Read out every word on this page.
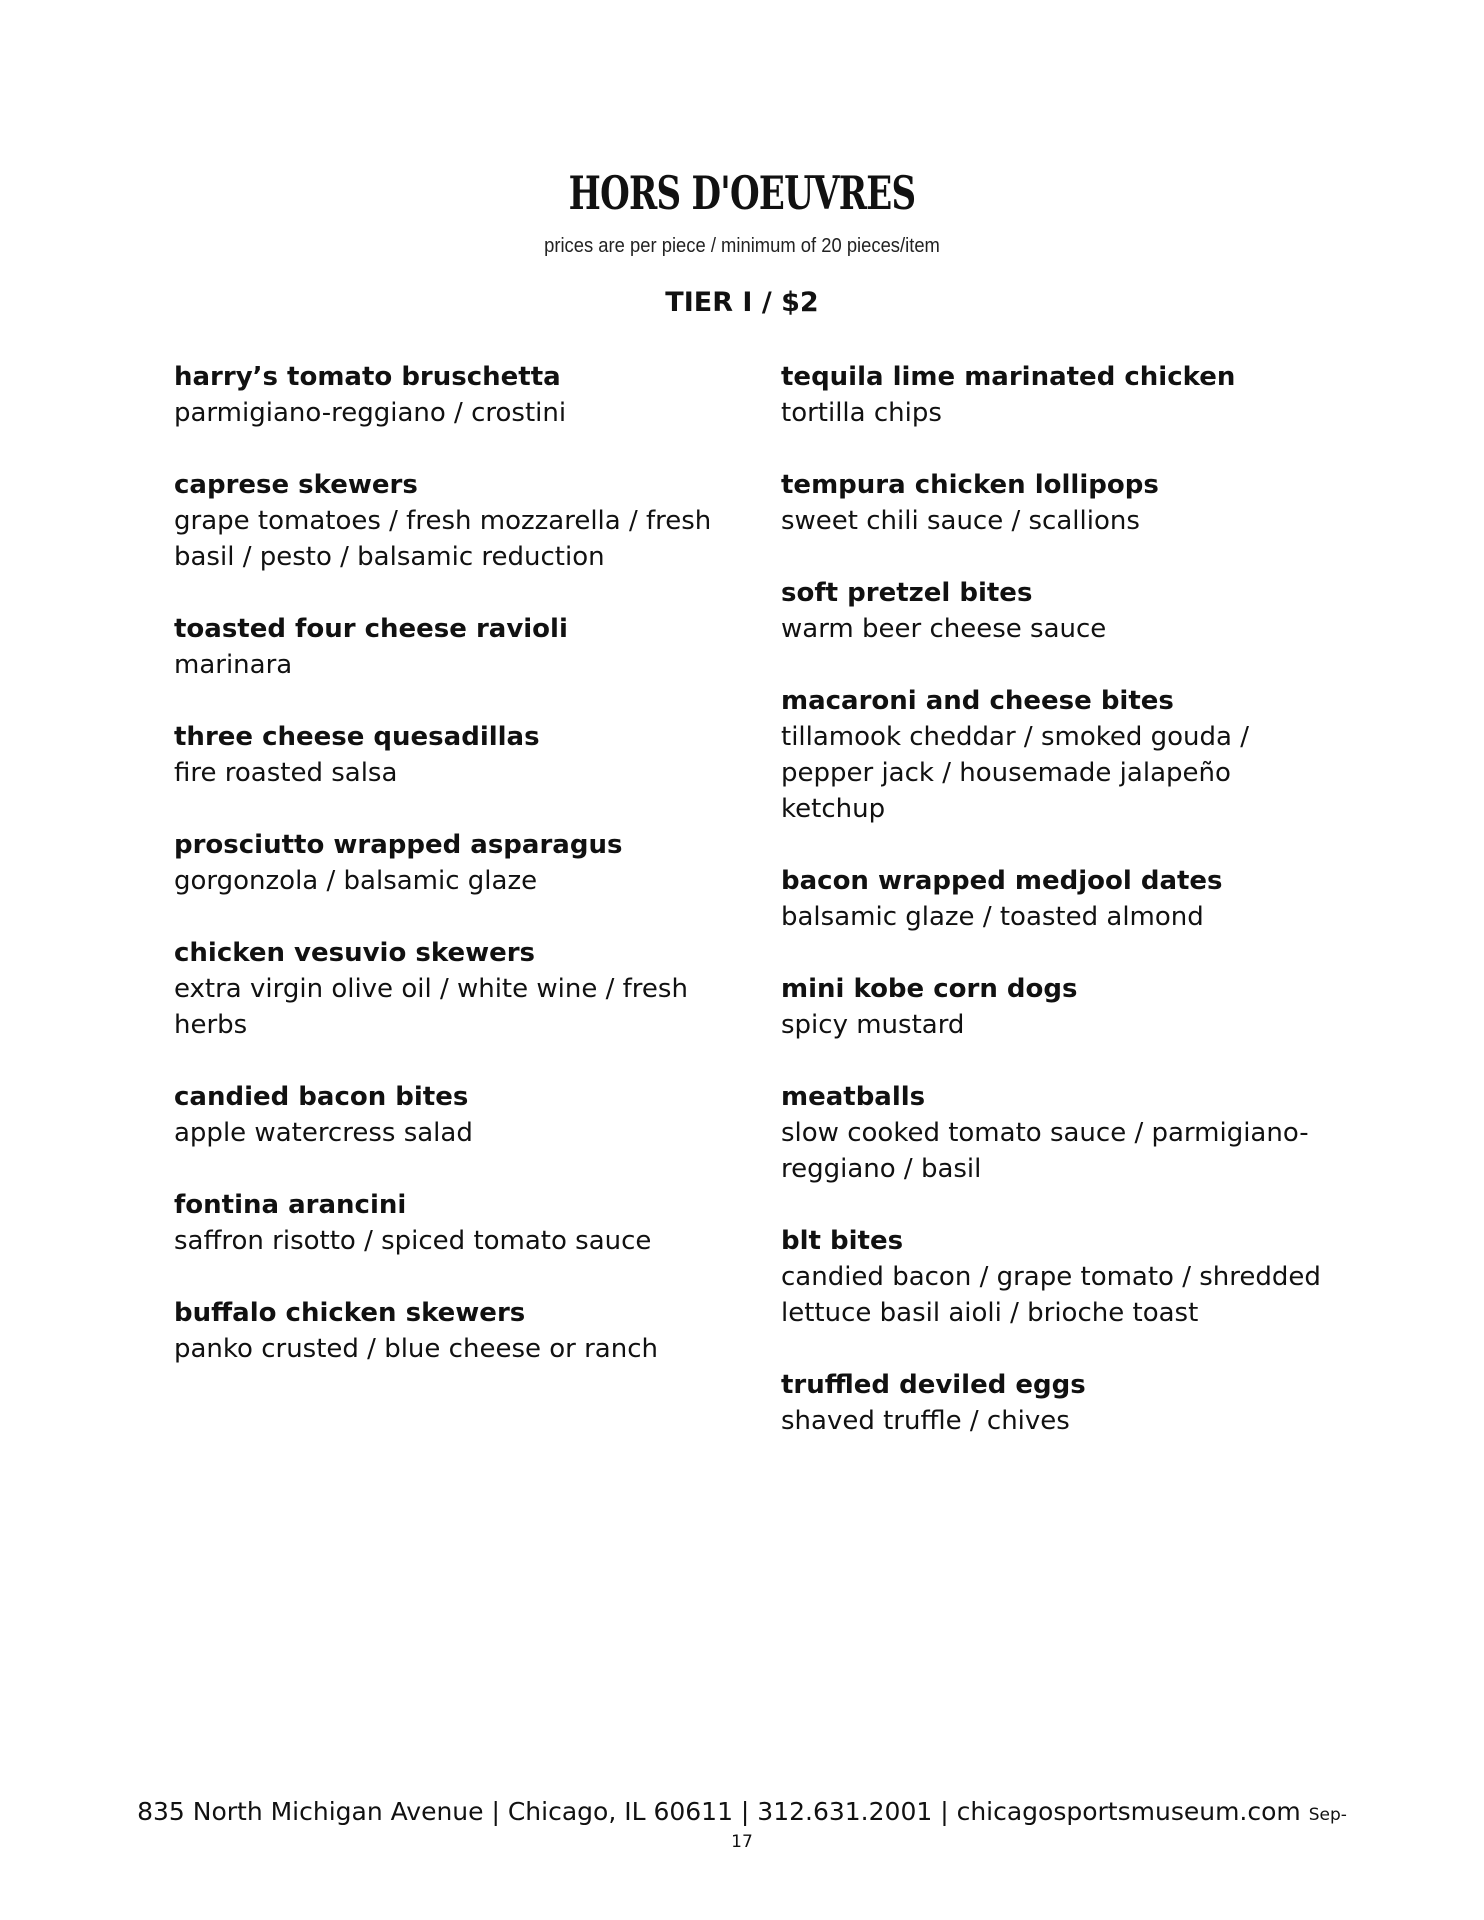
HORS D'OEUVRES
prices are per piece / minimum of 20 pieces/item
TIER I / $2
harry’s tomato bruschetta
parmigiano-reggiano / crostini
caprese skewers
grape tomatoes / fresh mozzarella / fresh basil / pesto / balsamic reduction
toasted four cheese ravioli
marinara
three cheese quesadillas
fire roasted salsa
prosciutto wrapped asparagus
gorgonzola / balsamic glaze
chicken vesuvio skewers
extra virgin olive oil / white wine / fresh herbs
candied bacon bites
apple watercress salad
fontina arancini
saffron risotto / spiced tomato sauce
buffalo chicken skewers
panko crusted / blue cheese or ranch
tequila lime marinated chicken
tortilla chips
tempura chicken lollipops
sweet chili sauce / scallions
soft pretzel bites
warm beer cheese sauce
macaroni and cheese bites
tillamook cheddar / smoked gouda / pepper jack / housemade jalapeño ketchup
bacon wrapped medjool dates
balsamic glaze / toasted almond
mini kobe corn dogs
spicy mustard
meatballs
slow cooked tomato sauce / parmigiano-reggiano / basil
blt bites
candied bacon / grape tomato / shredded lettuce basil aioli / brioche toast
truffled deviled eggs
shaved truffle / chives
835 North Michigan Avenue | Chicago, IL 60611 | 312.631.2001 | chicagosportsmuseum.com Sep-
17
